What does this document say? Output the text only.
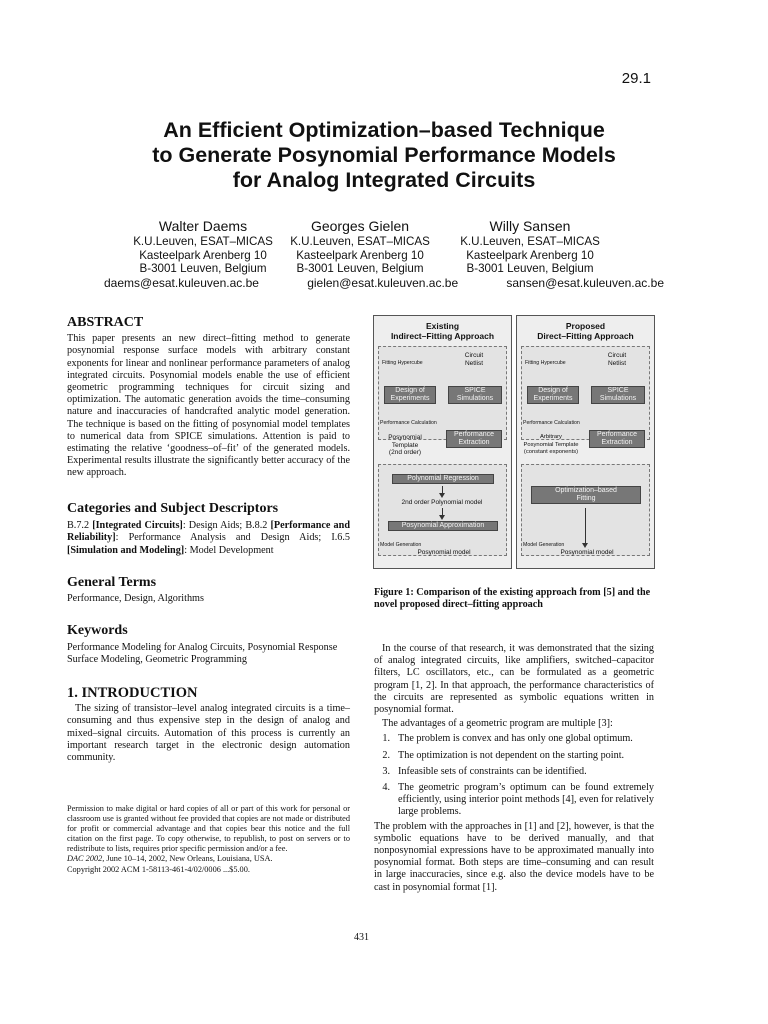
29.1
An Efficient Optimization–based Technique
to Generate Posynomial Performance Models
for Analog Integrated Circuits
Walter Daems
K.U.Leuven, ESAT–MICAS
Kasteelpark Arenberg 10
B-3001 Leuven, Belgium
Georges Gielen
K.U.Leuven, ESAT–MICAS
Kasteelpark Arenberg 10
B-3001 Leuven, Belgium
Willy Sansen
K.U.Leuven, ESAT–MICAS
Kasteelpark Arenberg 10
B-3001 Leuven, Belgium
daems@esat.kuleuven.ac.be	gielen@esat.kuleuven.ac.be	sansen@esat.kuleuven.ac.be
ABSTRACT

This paper presents an new direct–fitting method to generate posynomial response surface models with arbitrary constant exponents for linear and nonlinear performance parameters of analog integrated circuits. Posynomial models enable the use of efficient geometric programming techniques for circuit sizing and optimization. The automatic generation avoids the time–consuming nature and inaccuracies of handcrafted analytic model generation. The technique is based on the fitting of posynomial model templates to numerical data from SPICE simulations. Attention is paid to estimating the relative ‘goodness–of–fit’ of the generated models. Experimental results illustrate the significantly better accuracy of the new approach.

Categories and Subject Descriptors

B.7.2 [Integrated Circuits]: Design Aids; B.8.2 [Performance and Reliability]: Performance Analysis and Design Aids; I.6.5 [Simulation and Modeling]: Model Development

General Terms

Performance, Design, Algorithms

Keywords

Performance Modeling for Analog Circuits, Posynomial Response Surface Modeling, Geometric Programming

1. INTRODUCTION

The sizing of transistor–level analog integrated circuits is a time–consuming and thus expensive step in the design of analog and mixed–signal circuits. Automation of this process is currently an important research target in the electronic design automation community.

Permission to make digital or hard copies of all or part of this work for personal or classroom use is granted without fee provided that copies are not made or distributed for profit or commercial advantage and that copies bear this notice and the full citation on the first page. To copy otherwise, to republish, to post on servers or to redistribute to lists, requires prior specific permission and/or a fee.

DAC 2002, June 10–14, 2002, New Orleans, Louisiana, USA.

Copyright 2002 ACM 1-58113-461-4/02/0006 ...$5.00.

Existing
Indirect–Fitting Approach
Fitting Hypercube
Circuit
Netlist
Design of
Experiments
SPICE
Simulations
Performance Calculation
Posynomial
Template
(2nd order)
Performance
Extraction
Polynomial Regression
2nd order Polynomial model
Posynomial Approximation
Model Generation
Posynomial model
Proposed
Direct–Fitting Approach
Fitting Hypercube
Circuit
Netlist
Design of
Experiments
SPICE
Simulations
Performance Calculation
Arbitrary
Posynomial Template
(constant exponents)
Performance
Extraction
Optimization–based
Fitting
Model Generation
Posynomial model
Figure 1: Comparison of the existing approach from [5] and the novel proposed direct–fitting approach

In the course of that research, it was demonstrated that the sizing of analog integrated circuits, like amplifiers, switched–capacitor filters, LC oscillators, etc., can be formulated as a geometric program [1, 2]. In that approach, the performance characteristics of the circuits are represented as symbolic equations written in posynomial format.

The advantages of a geometric program are multiple [3]:

1. The problem is convex and has only one global optimum.
2. The optimization is not dependent on the starting point.
3. Infeasible sets of constraints can be identified.
4. The geometric program’s optimum can be found extremely efficiently, using interior point methods [4], even for relatively large problems.

The problem with the approaches in [1] and [2], however, is that the symbolic equations have to be derived manually, and that nonposynomial expressions have to be approximated manually into posynomial format. Both steps are time–consuming and can result in large inaccuracies, since e.g. also the device models have to be cast in posynomial format [1].

431
